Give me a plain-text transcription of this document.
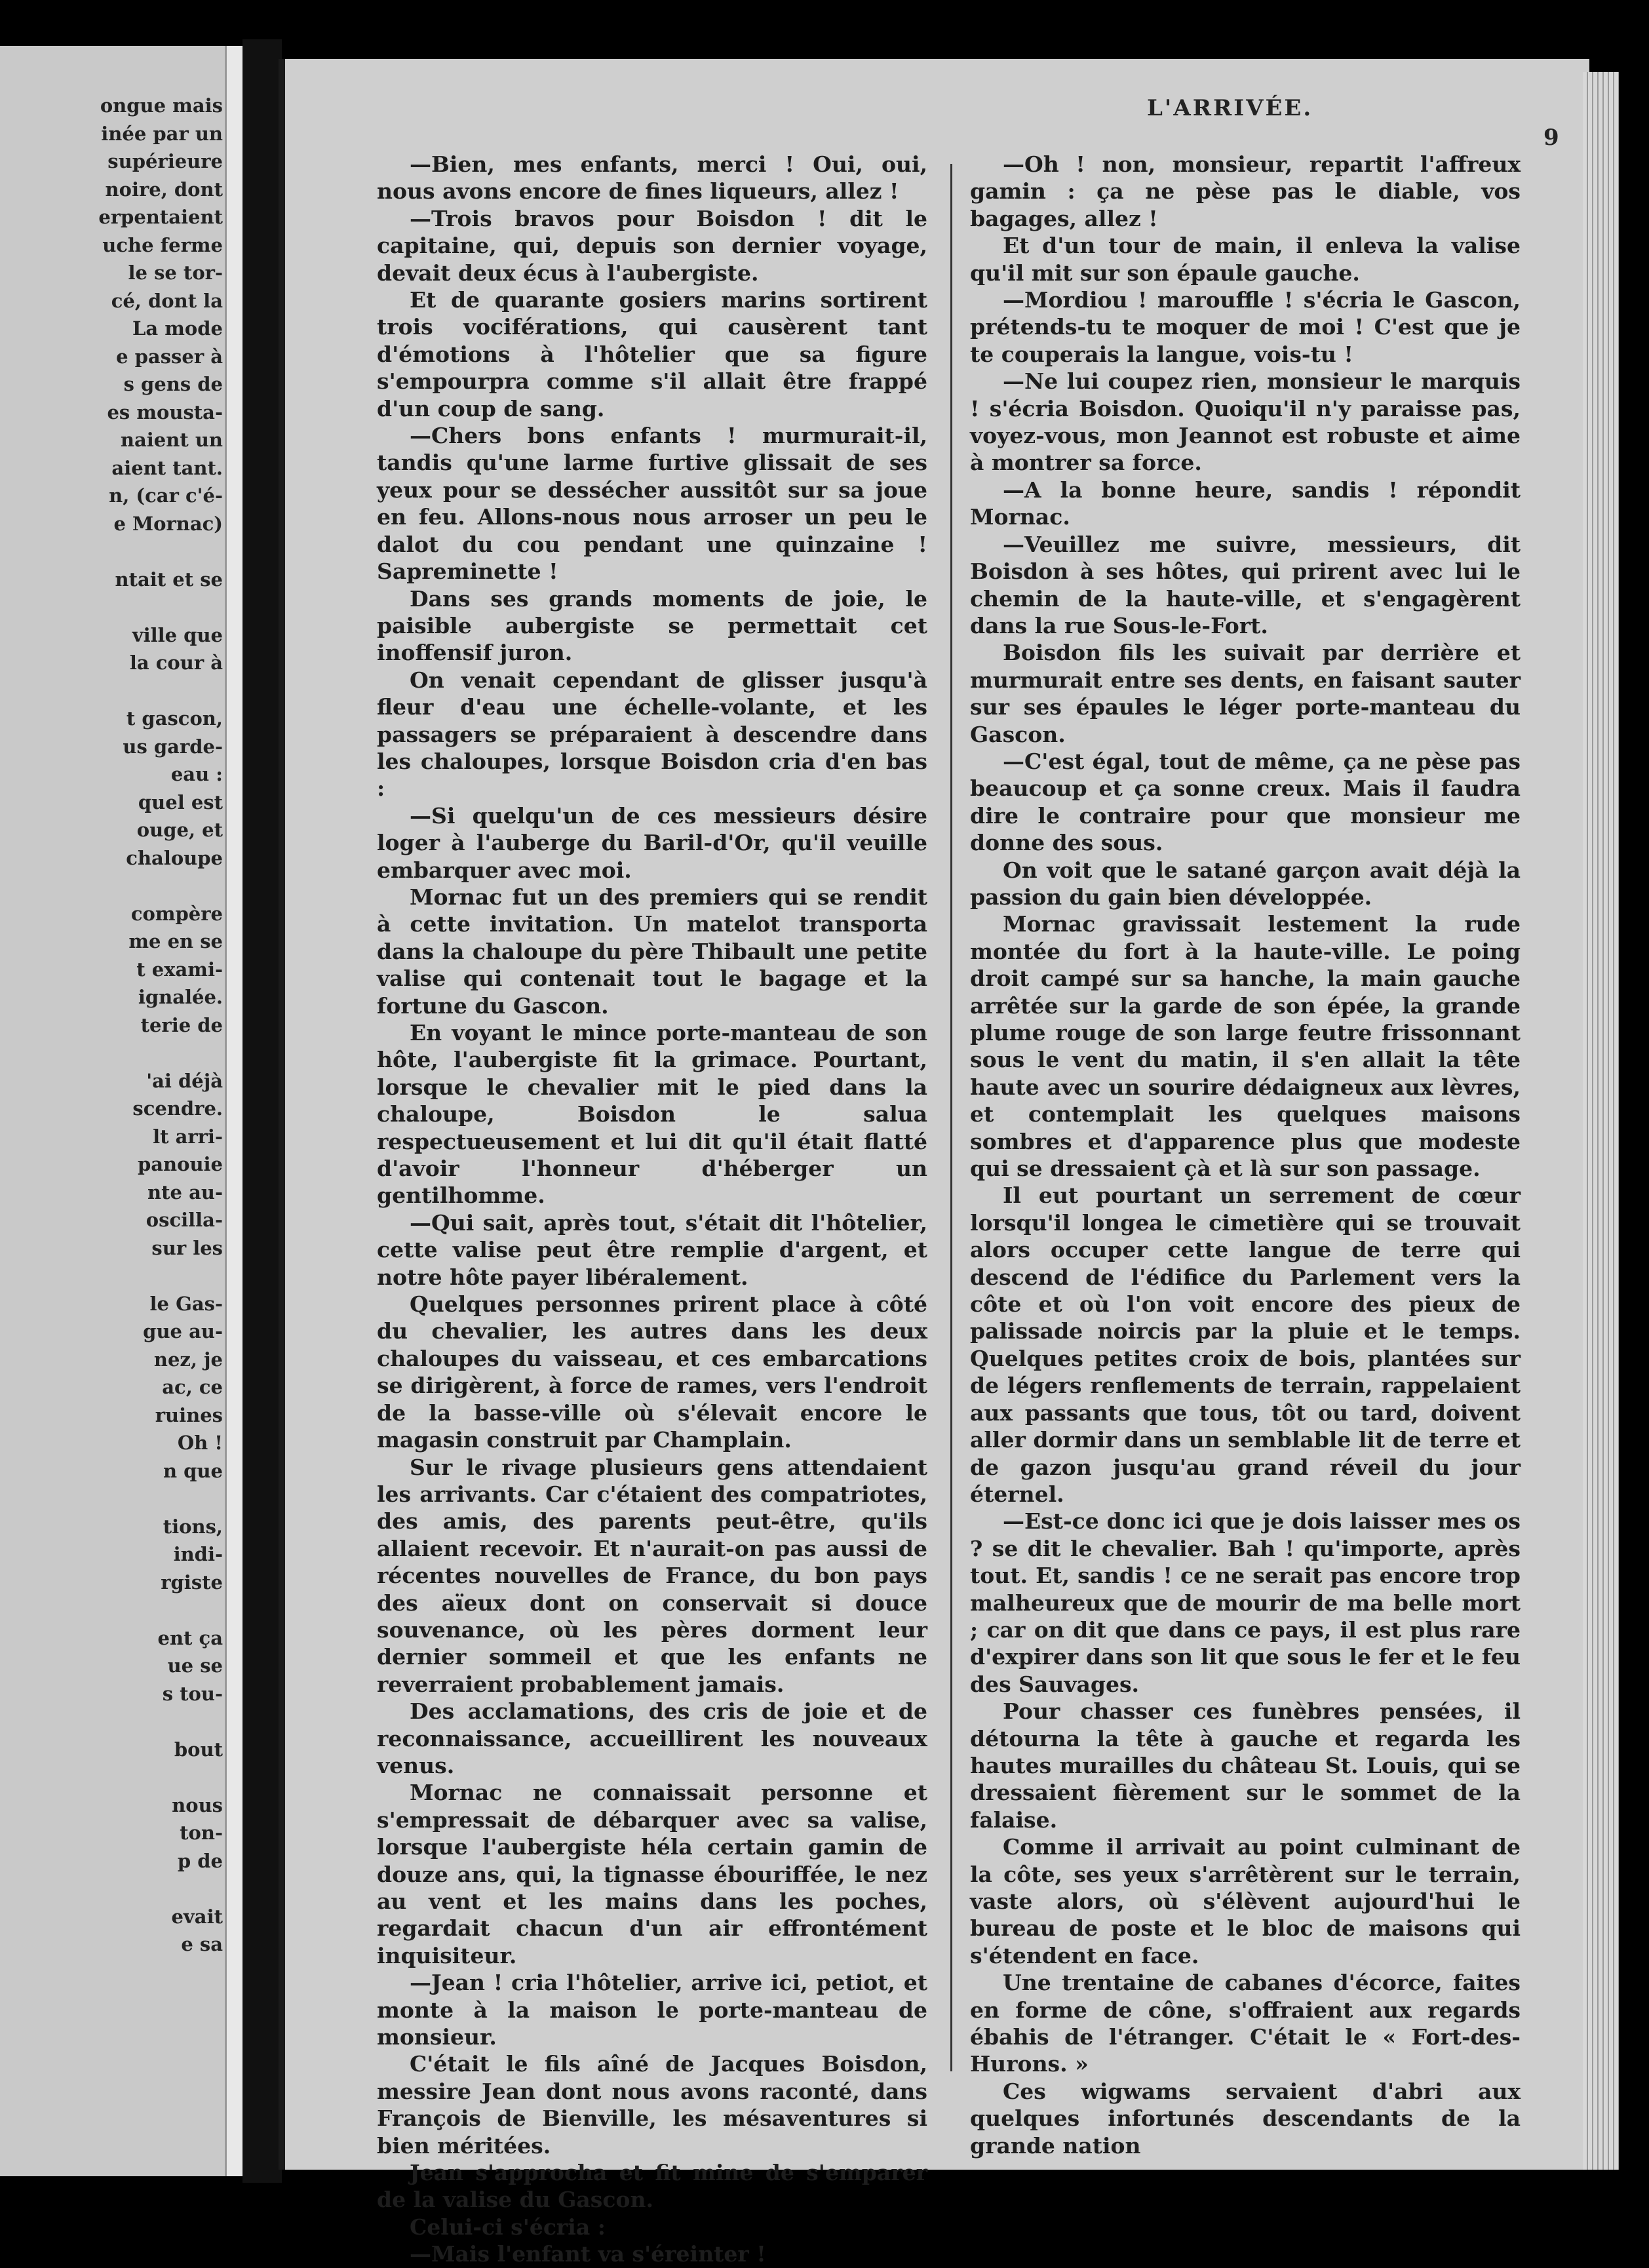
ongue mais
inée par un
supérieure
noire, dont
erpentaient
uche ferme
le se tor-
cé, dont la
La mode
e passer à
s gens de
es mousta-
naient un
aient tant.
n, (car c'é-
e Mornac)

ntait et se

ville que
la cour à

t gascon,
us garde-
eau :
quel est
ouge, et
chaloupe

compère
me en se
t exami-
ignalée.
terie de

'ai déjà
scendre.
lt arri-
panouie
nte au-
oscilla-
sur les

le Gas-
gue au-
nez, je
ac, ce
ruines
Oh !
n que

tions,
indi-
rgiste

ent ça
ue se
s tou-

bout

nous
ton-
p de

evait
e sa
L'ARRIVÉE.
9

—Bien, mes enfants, merci ! Oui, oui, nous avons encore de fines liqueurs, allez !

—Trois bravos pour Boisdon ! dit le capitaine, qui, depuis son dernier voyage, devait deux écus à l'aubergiste.

Et de quarante gosiers marins sortirent trois vociférations, qui causèrent tant d'émotions à l'hôtelier que sa figure s'empourpra comme s'il allait être frappé d'un coup de sang.

—Chers bons enfants ! murmurait-il, tandis qu'une larme furtive glissait de ses yeux pour se dessécher aussitôt sur sa joue en feu. Allons-nous nous arroser un peu le dalot du cou pendant une quinzaine ! Sapreminette !

Dans ses grands moments de joie, le paisible aubergiste se permettait cet inoffensif juron.

On venait cependant de glisser jusqu'à fleur d'eau une échelle-volante, et les passagers se préparaient à descendre dans les chaloupes, lorsque Boisdon cria d'en bas :

—Si quelqu'un de ces messieurs désire loger à l'auberge du Baril-d'Or, qu'il veuille embarquer avec moi.

Mornac fut un des premiers qui se rendit à cette invitation. Un matelot transporta dans la chaloupe du père Thibault une petite valise qui contenait tout le bagage et la fortune du Gascon.

En voyant le mince porte-manteau de son hôte, l'aubergiste fit la grimace. Pourtant, lorsque le chevalier mit le pied dans la chaloupe, Boisdon le salua respectueusement et lui dit qu'il était flatté d'avoir l'honneur d'héberger un gentilhomme.

—Qui sait, après tout, s'était dit l'hôtelier, cette valise peut être remplie d'argent, et notre hôte payer libéralement.

Quelques personnes prirent place à côté du chevalier, les autres dans les deux chaloupes du vaisseau, et ces embarcations se dirigèrent, à force de rames, vers l'endroit de la basse-ville où s'élevait encore le magasin construit par Champlain.

Sur le rivage plusieurs gens attendaient les arrivants. Car c'étaient des compatriotes, des amis, des parents peut-être, qu'ils allaient recevoir. Et n'aurait-on pas aussi de récentes nouvelles de France, du bon pays des aïeux dont on conservait si douce souvenance, où les pères dorment leur dernier sommeil et que les enfants ne reverraient probablement jamais.

Des acclamations, des cris de joie et de reconnaissance, accueillirent les nouveaux venus.

Mornac ne connaissait personne et s'empressait de débarquer avec sa valise, lorsque l'aubergiste héla certain gamin de douze ans, qui, la tignasse ébouriffée, le nez au vent et les mains dans les poches, regardait chacun d'un air effrontément inquisiteur.

—Jean ! cria l'hôtelier, arrive ici, petiot, et monte à la maison le porte-manteau de monsieur.

C'était le fils aîné de Jacques Boisdon, messire Jean dont nous avons raconté, dans François de Bienville, les mésaventures si bien méritées.

Jean s'approcha et fit mine de s'emparer de la valise du Gascon.

Celui-ci s'écria :

—Mais l'enfant va s'éreinter !

—Oh ! non, monsieur, repartit l'affreux gamin : ça ne pèse pas le diable, vos bagages, allez !

Et d'un tour de main, il enleva la valise qu'il mit sur son épaule gauche.

—Mordiou ! marouffle ! s'écria le Gascon, prétends-tu te moquer de moi ! C'est que je te couperais la langue, vois-tu !

—Ne lui coupez rien, monsieur le marquis ! s'écria Boisdon. Quoiqu'il n'y paraisse pas, voyez-vous, mon Jeannot est robuste et aime à montrer sa force.

—A la bonne heure, sandis ! répondit Mornac.

—Veuillez me suivre, messieurs, dit Boisdon à ses hôtes, qui prirent avec lui le chemin de la haute-ville, et s'engagèrent dans la rue Sous-le-Fort.

Boisdon fils les suivait par derrière et murmurait entre ses dents, en faisant sauter sur ses épaules le léger porte-manteau du Gascon.

—C'est égal, tout de même, ça ne pèse pas beaucoup et ça sonne creux. Mais il faudra dire le contraire pour que monsieur me donne des sous.

On voit que le satané garçon avait déjà la passion du gain bien développée.

Mornac gravissait lestement la rude montée du fort à la haute-ville. Le poing droit campé sur sa hanche, la main gauche arrêtée sur la garde de son épée, la grande plume rouge de son large feutre frissonnant sous le vent du matin, il s'en allait la tête haute avec un sourire dédaigneux aux lèvres, et contemplait les quelques maisons sombres et d'apparence plus que modeste qui se dressaient çà et là sur son passage.

Il eut pourtant un serrement de cœur lorsqu'il longea le cimetière qui se trouvait alors occuper cette langue de terre qui descend de l'édifice du Parlement vers la côte et où l'on voit encore des pieux de palissade noircis par la pluie et le temps. Quelques petites croix de bois, plantées sur de légers renflements de terrain, rappelaient aux passants que tous, tôt ou tard, doivent aller dormir dans un semblable lit de terre et de gazon jusqu'au grand réveil du jour éternel.

—Est-ce donc ici que je dois laisser mes os ? se dit le chevalier. Bah ! qu'importe, après tout. Et, sandis ! ce ne serait pas encore trop malheureux que de mourir de ma belle mort ; car on dit que dans ce pays, il est plus rare d'expirer dans son lit que sous le fer et le feu des Sauvages.

Pour chasser ces funèbres pensées, il détourna la tête à gauche et regarda les hautes murailles du château St. Louis, qui se dressaient fièrement sur le sommet de la falaise.

Comme il arrivait au point culminant de la côte, ses yeux s'arrêtèrent sur le terrain, vaste alors, où s'élèvent aujourd'hui le bureau de poste et le bloc de maisons qui s'étendent en face.

Une trentaine de cabanes d'écorce, faites en forme de cône, s'offraient aux regards ébahis de l'étranger. C'était le « Fort-des-Hurons. »

Ces wigwams servaient d'abri aux quelques infortunés descendants de la grande nation
